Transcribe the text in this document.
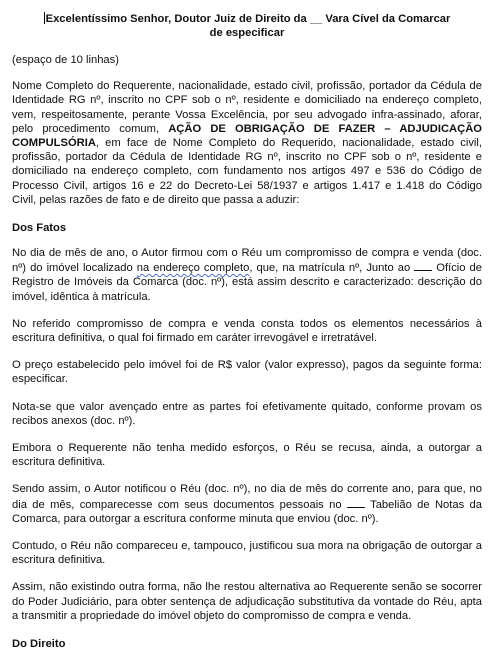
Excelentíssimo Senhor, Doutor Juiz de Direito da __ Vara Cível da Comarcar
de especificar

(espaço de 10 linhas)

Nome Completo do Requerente, nacionalidade, estado civil, profissão, portador da Cédula de Identidade RG nº, inscrito no CPF sob o nº, residente e domiciliado na endereço completo, vem, respeitosamente, perante Vossa Excelência, por seu advogado infra-assinado, aforar, pelo procedimento comum, AÇÃO DE OBRIGAÇÃO DE FAZER – ADJUDICAÇÃO COMPULSÓRIA, em face de Nome Completo do Requerido, nacionalidade, estado civil, profissão, portador da Cédula de Identidade RG nº, inscrito no CPF sob o nº, residente e domiciliado na endereço completo, com fundamento nos artigos 497 e 536 do Código de Processo Civil, artigos 16 e 22 do Decreto-Lei 58/1937 e artigos 1.417 e 1.418 do Código Civil, pelas razões de fato e de direito que passa a aduzir:

Dos Fatos

No dia de mês de ano, o Autor firmou com o Réu um compromisso de compra e venda (doc. nº) do imóvel localizado na endereço completo, que, na matrícula nº, Junto ao  Ofício de Registro de Imóveis da Comarca (doc. nº), está assim descrito e caracterizado: descrição do imóvel, idêntica à matrícula.

No referido compromisso de compra e venda consta todos os elementos necessários à escritura definitiva, o qual foi firmado em caráter irrevogável e irretratável.

O preço estabelecido pelo imóvel foi de R$ valor (valor expresso), pagos da seguinte forma: especificar.

Nota-se que valor avençado entre as partes foi efetivamente quitado, conforme provam os recibos anexos (doc. nº).

Embora o Requerente não tenha medido esforços, o Réu se recusa, ainda, a outorgar a escritura definitiva.

Sendo assim, o Autor notificou o Réu (doc. nº), no dia de mês do corrente ano, para que, no dia de mês, comparecesse com seus documentos pessoais no  Tabelião de Notas da Comarca, para outorgar a escritura conforme minuta que enviou (doc. nº).

Contudo, o Réu não compareceu e, tampouco, justificou sua mora na obrigação de outorgar a escritura definitiva.

Assim, não existindo outra forma, não lhe restou alternativa ao Requerente senão se socorrer do Poder Judiciário, para obter sentença de adjudicação substitutiva da vontade do Réu, apta a transmitir a propriedade do imóvel objeto do compromisso de compra e venda.

Do Direito
